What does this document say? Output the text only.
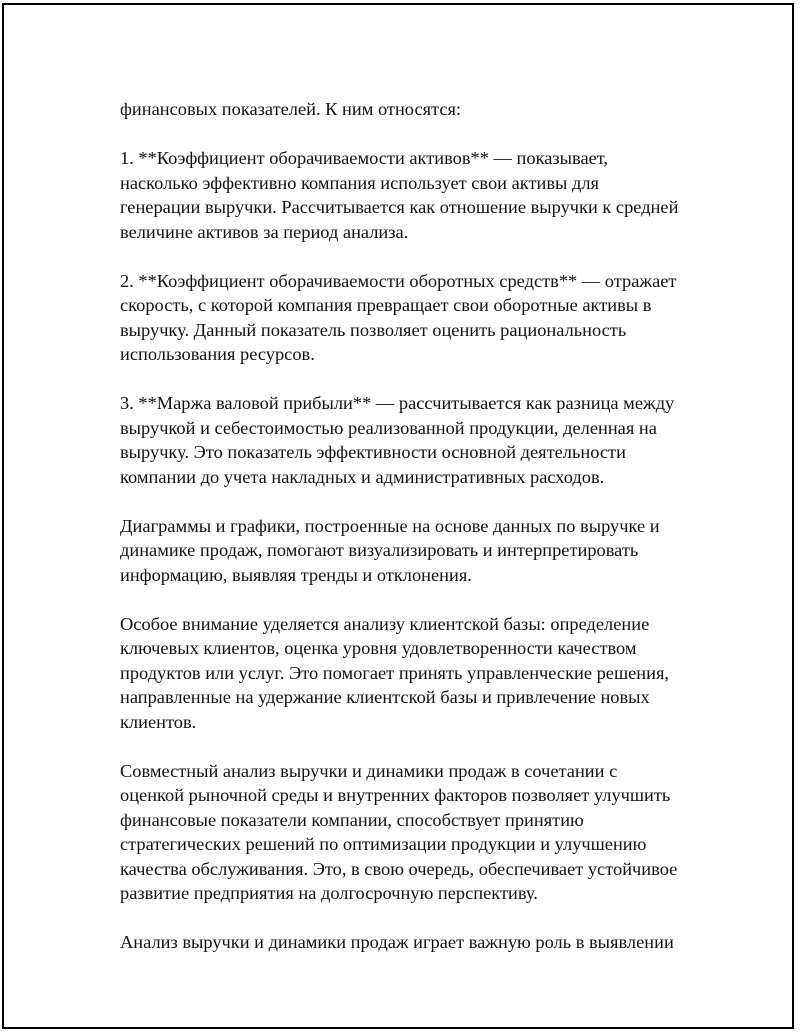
финансовых показателей. К ним относятся:
1. **Коэффициент оборачиваемости активов** — показывает,
насколько эффективно компания использует свои активы для
генерации выручки. Рассчитывается как отношение выручки к средней
величине активов за период анализа.
2. **Коэффициент оборачиваемости оборотных средств** — отражает
скорость, с которой компания превращает свои оборотные активы в
выручку. Данный показатель позволяет оценить рациональность
использования ресурсов.
3. **Маржа валовой прибыли** — рассчитывается как разница между
выручкой и себестоимостью реализованной продукции, деленная на
выручку. Это показатель эффективности основной деятельности
компании до учета накладных и административных расходов.
Диаграммы и графики, построенные на основе данных по выручке и
динамике продаж, помогают визуализировать и интерпретировать
информацию, выявляя тренды и отклонения.
Особое внимание уделяется анализу клиентской базы: определение
ключевых клиентов, оценка уровня удовлетворенности качеством
продуктов или услуг. Это помогает принять управленческие решения,
направленные на удержание клиентской базы и привлечение новых
клиентов.
Совместный анализ выручки и динамики продаж в сочетании с
оценкой рыночной среды и внутренних факторов позволяет улучшить
финансовые показатели компании, способствует принятию
стратегических решений по оптимизации продукции и улучшению
качества обслуживания. Это, в свою очередь, обеспечивает устойчивое
развитие предприятия на долгосрочную перспективу.
Анализ выручки и динамики продаж играет важную роль в выявлении
